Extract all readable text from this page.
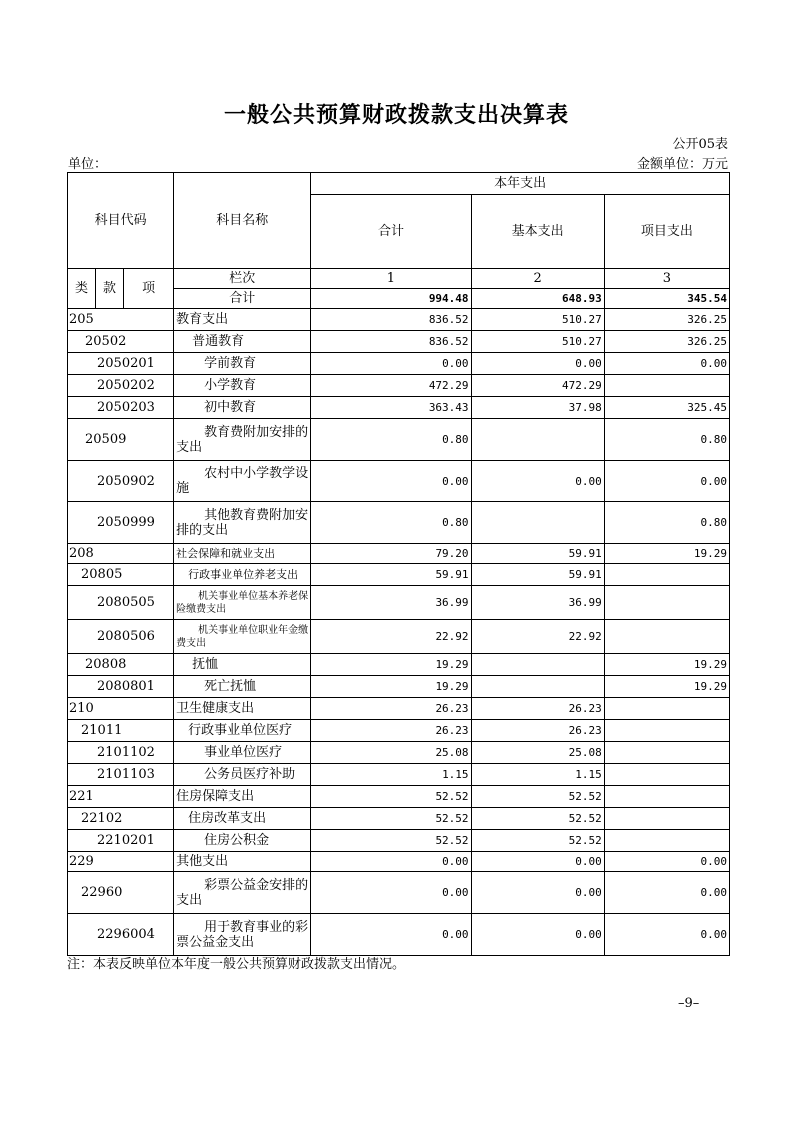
一般公共预算财政拨款支出决算表
公开05表
单位：	金额单位：万元
科目代码			科目名称	本年支出		
				合计	基本支出	项目支出
类	款	项	栏次	1	2	3
			合计	994.48	648.93	345.54
205			教育支出	836.52	510.27	326.25
20502			普通教育	836.52	510.27	326.25
2050201			学前教育	0.00	0.00	0.00
2050202			小学教育	472.29	472.29	
2050203			初中教育	363.43	37.98	325.45
20509			教育费附加安排的支出	0.80		0.80
2050902			农村中小学教学设施	0.00	0.00	0.00
2050999			其他教育费附加安排的支出	0.80		0.80
208			社会保障和就业支出	79.20	59.91	19.29
20805			行政事业单位养老支出	59.91	59.91	
2080505			机关事业单位基本养老保险缴费支出	36.99	36.99	
2080506			机关事业单位职业年金缴费支出	22.92	22.92	
20808			抚恤	19.29		19.29
2080801			死亡抚恤	19.29		19.29
210			卫生健康支出	26.23	26.23	
21011			行政事业单位医疗	26.23	26.23	
2101102			事业单位医疗	25.08	25.08	
2101103			公务员医疗补助	1.15	1.15	
221			住房保障支出	52.52	52.52	
22102			住房改革支出	52.52	52.52	
2210201			住房公积金	52.52	52.52	
229			其他支出	0.00	0.00	0.00
22960			彩票公益金安排的支出	0.00	0.00	0.00
2296004			用于教育事业的彩票公益金支出	0.00	0.00	0.00
注：本表反映单位本年度一般公共预算财政拨款支出情况。
–9–
